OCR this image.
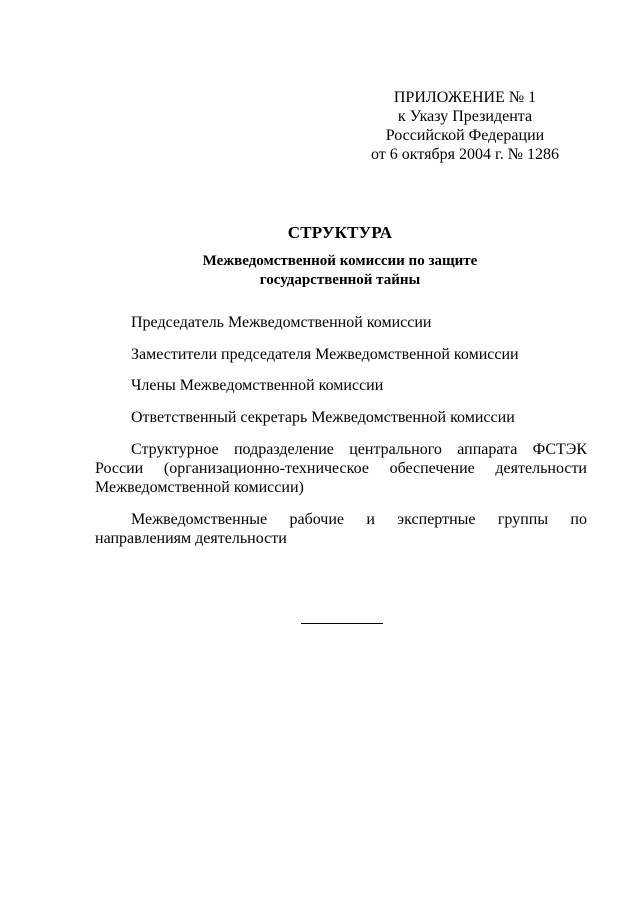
ПРИЛОЖЕНИЕ № 1
к Указу Президента
Российской Федерации
от 6 октября 2004 г. № 1286
СТРУКТУРА
Межведомственной комиссии по защите
государственной тайны
Председатель Межведомственной комиссии
Заместители председателя Межведомственной комиссии
Члены Межведомственной комиссии
Ответственный секретарь Межведомственной комиссии
Структурное подразделение центрального аппарата ФСТЭК
России (организационно-техническое обеспечение деятельности
Межведомственной комиссии)
Межведомственные рабочие и экспертные группы по
направлениям деятельности
